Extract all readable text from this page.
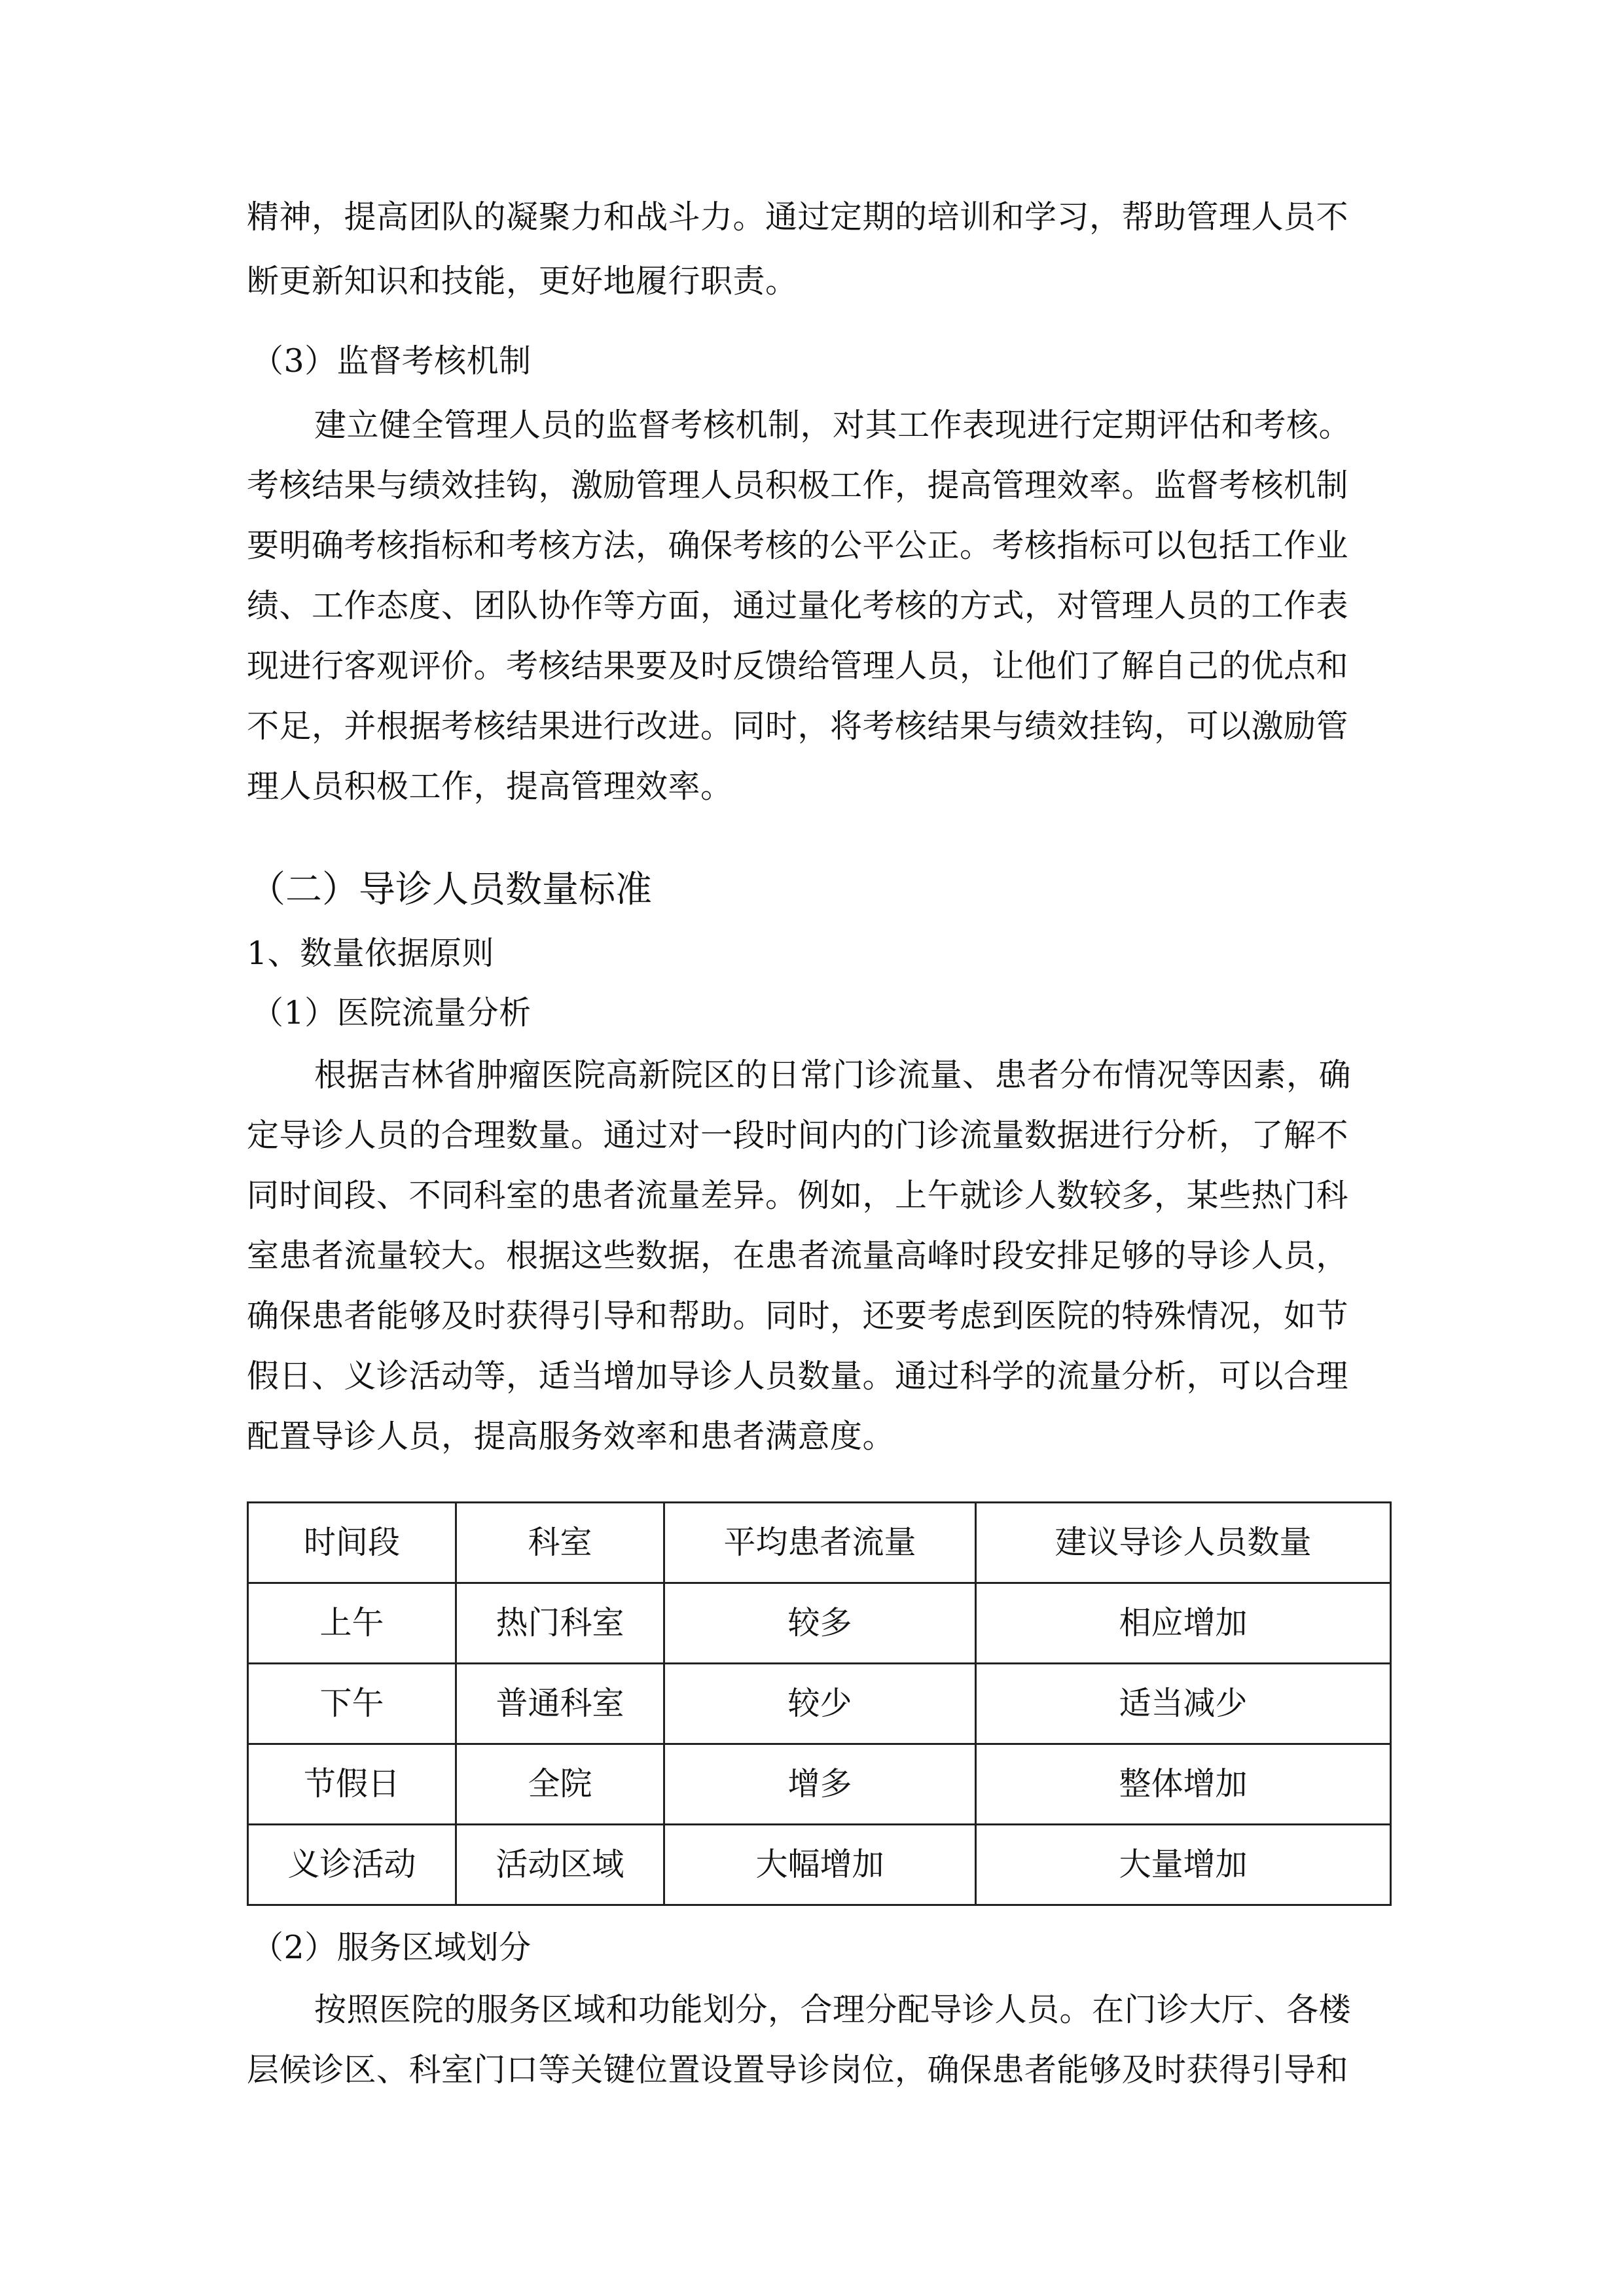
精神，提高团队的凝聚力和战斗力。通过定期的培训和学习，帮助管理人员不
断更新知识和技能，更好地履行职责。
（3）监督考核机制
建立健全管理人员的监督考核机制，对其工作表现进行定期评估和考核。
考核结果与绩效挂钩，激励管理人员积极工作，提高管理效率。监督考核机制
要明确考核指标和考核方法，确保考核的公平公正。考核指标可以包括工作业
绩、工作态度、团队协作等方面，通过量化考核的方式，对管理人员的工作表
现进行客观评价。考核结果要及时反馈给管理人员，让他们了解自己的优点和
不足，并根据考核结果进行改进。同时，将考核结果与绩效挂钩，可以激励管
理人员积极工作，提高管理效率。
（二）导诊人员数量标准
1、数量依据原则
（1）医院流量分析
根据吉林省肿瘤医院高新院区的日常门诊流量、患者分布情况等因素，确
定导诊人员的合理数量。通过对一段时间内的门诊流量数据进行分析，了解不
同时间段、不同科室的患者流量差异。例如，上午就诊人数较多，某些热门科
室患者流量较大。根据这些数据，在患者流量高峰时段安排足够的导诊人员，
确保患者能够及时获得引导和帮助。同时，还要考虑到医院的特殊情况，如节
假日、义诊活动等，适当增加导诊人员数量。通过科学的流量分析，可以合理
配置导诊人员，提高服务效率和患者满意度。
时间段	科室	平均患者流量	建议导诊人员数量
上午	热门科室	较多	相应增加
下午	普通科室	较少	适当减少
节假日	全院	增多	整体增加
义诊活动	活动区域	大幅增加	大量增加
（2）服务区域划分
按照医院的服务区域和功能划分，合理分配导诊人员。在门诊大厅、各楼
层候诊区、科室门口等关键位置设置导诊岗位，确保患者能够及时获得引导和
